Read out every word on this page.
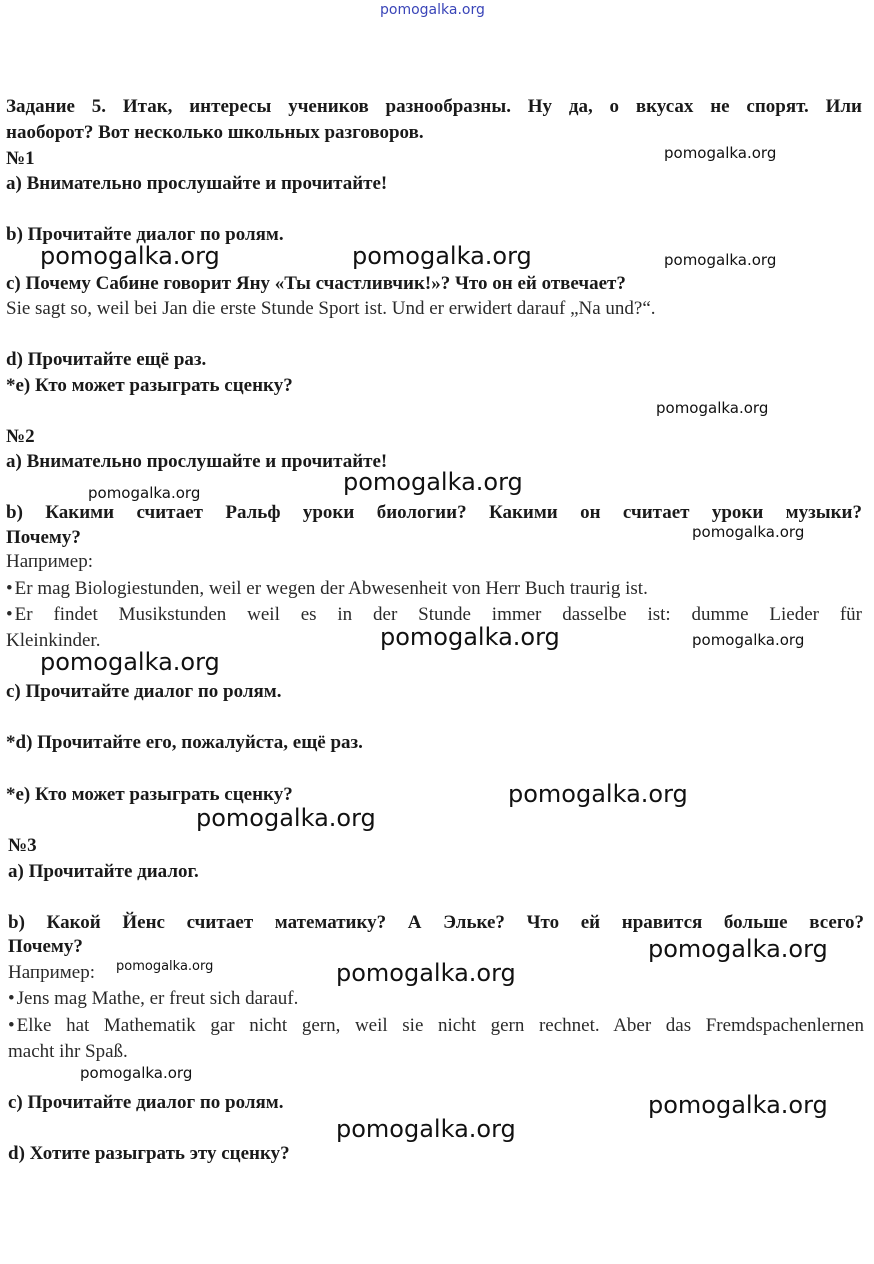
pomogalka.org
Задание 5. Итак, интересы учеников разнообразны. Ну да, о вкусах не спорят. Или
наоборот? Вот несколько школьных разговоров.
№1
a) Внимательно прослушайте и прочитайте!
b) Прочитайте диалог по ролям.
c) Почему Сабине говорит Яну «Ты счастливчик!»? Что он ей отвечает?
Sie sagt so, weil bei Jan die erste Stunde Sport ist. Und er erwidert darauf „Na und?“.
d) Прочитайте ещё раз.
*e) Кто может разыграть сценку?
№2
a) Внимательно прослушайте и прочитайте!
b) Какими считает Ральф уроки биологии? Какими он считает уроки музыки?
Почему?
Например:
• Er mag Biologiestunden, weil er wegen der Abwesenheit von Herr Buch traurig ist.
• Er findet Musikstunden weil es in der Stunde immer dasselbe ist: dumme Lieder für
Kleinkinder.
c) Прочитайте диалог по ролям.
*d) Прочитайте его, пожалуйста, ещё раз.
*e) Кто может разыграть сценку?
№3
a) Прочитайте диалог.
b) Какой Йенс считает математику? А Эльке? Что ей нравится больше всего?
Почему?
Например:
• Jens mag Mathe, er freut sich darauf.
• Elke hat Mathematik gar nicht gern, weil sie nicht gern rechnet. Aber das Fremdspachenlernen
macht ihr Spaß.
c) Прочитайте диалог по ролям.
d) Хотите разыграть эту сценку?
pomogalka.org
pomogalka.org	pomogalka.org	pomogalka.org
pomogalka.org
pomogalka.org
pomogalka.org
pomogalka.org
pomogalka.org	pomogalka.org
pomogalka.org
pomogalka.org
pomogalka.org
pomogalka.org
pomogalka.org	pomogalka.org
pomogalka.org
pomogalka.org
pomogalka.org
